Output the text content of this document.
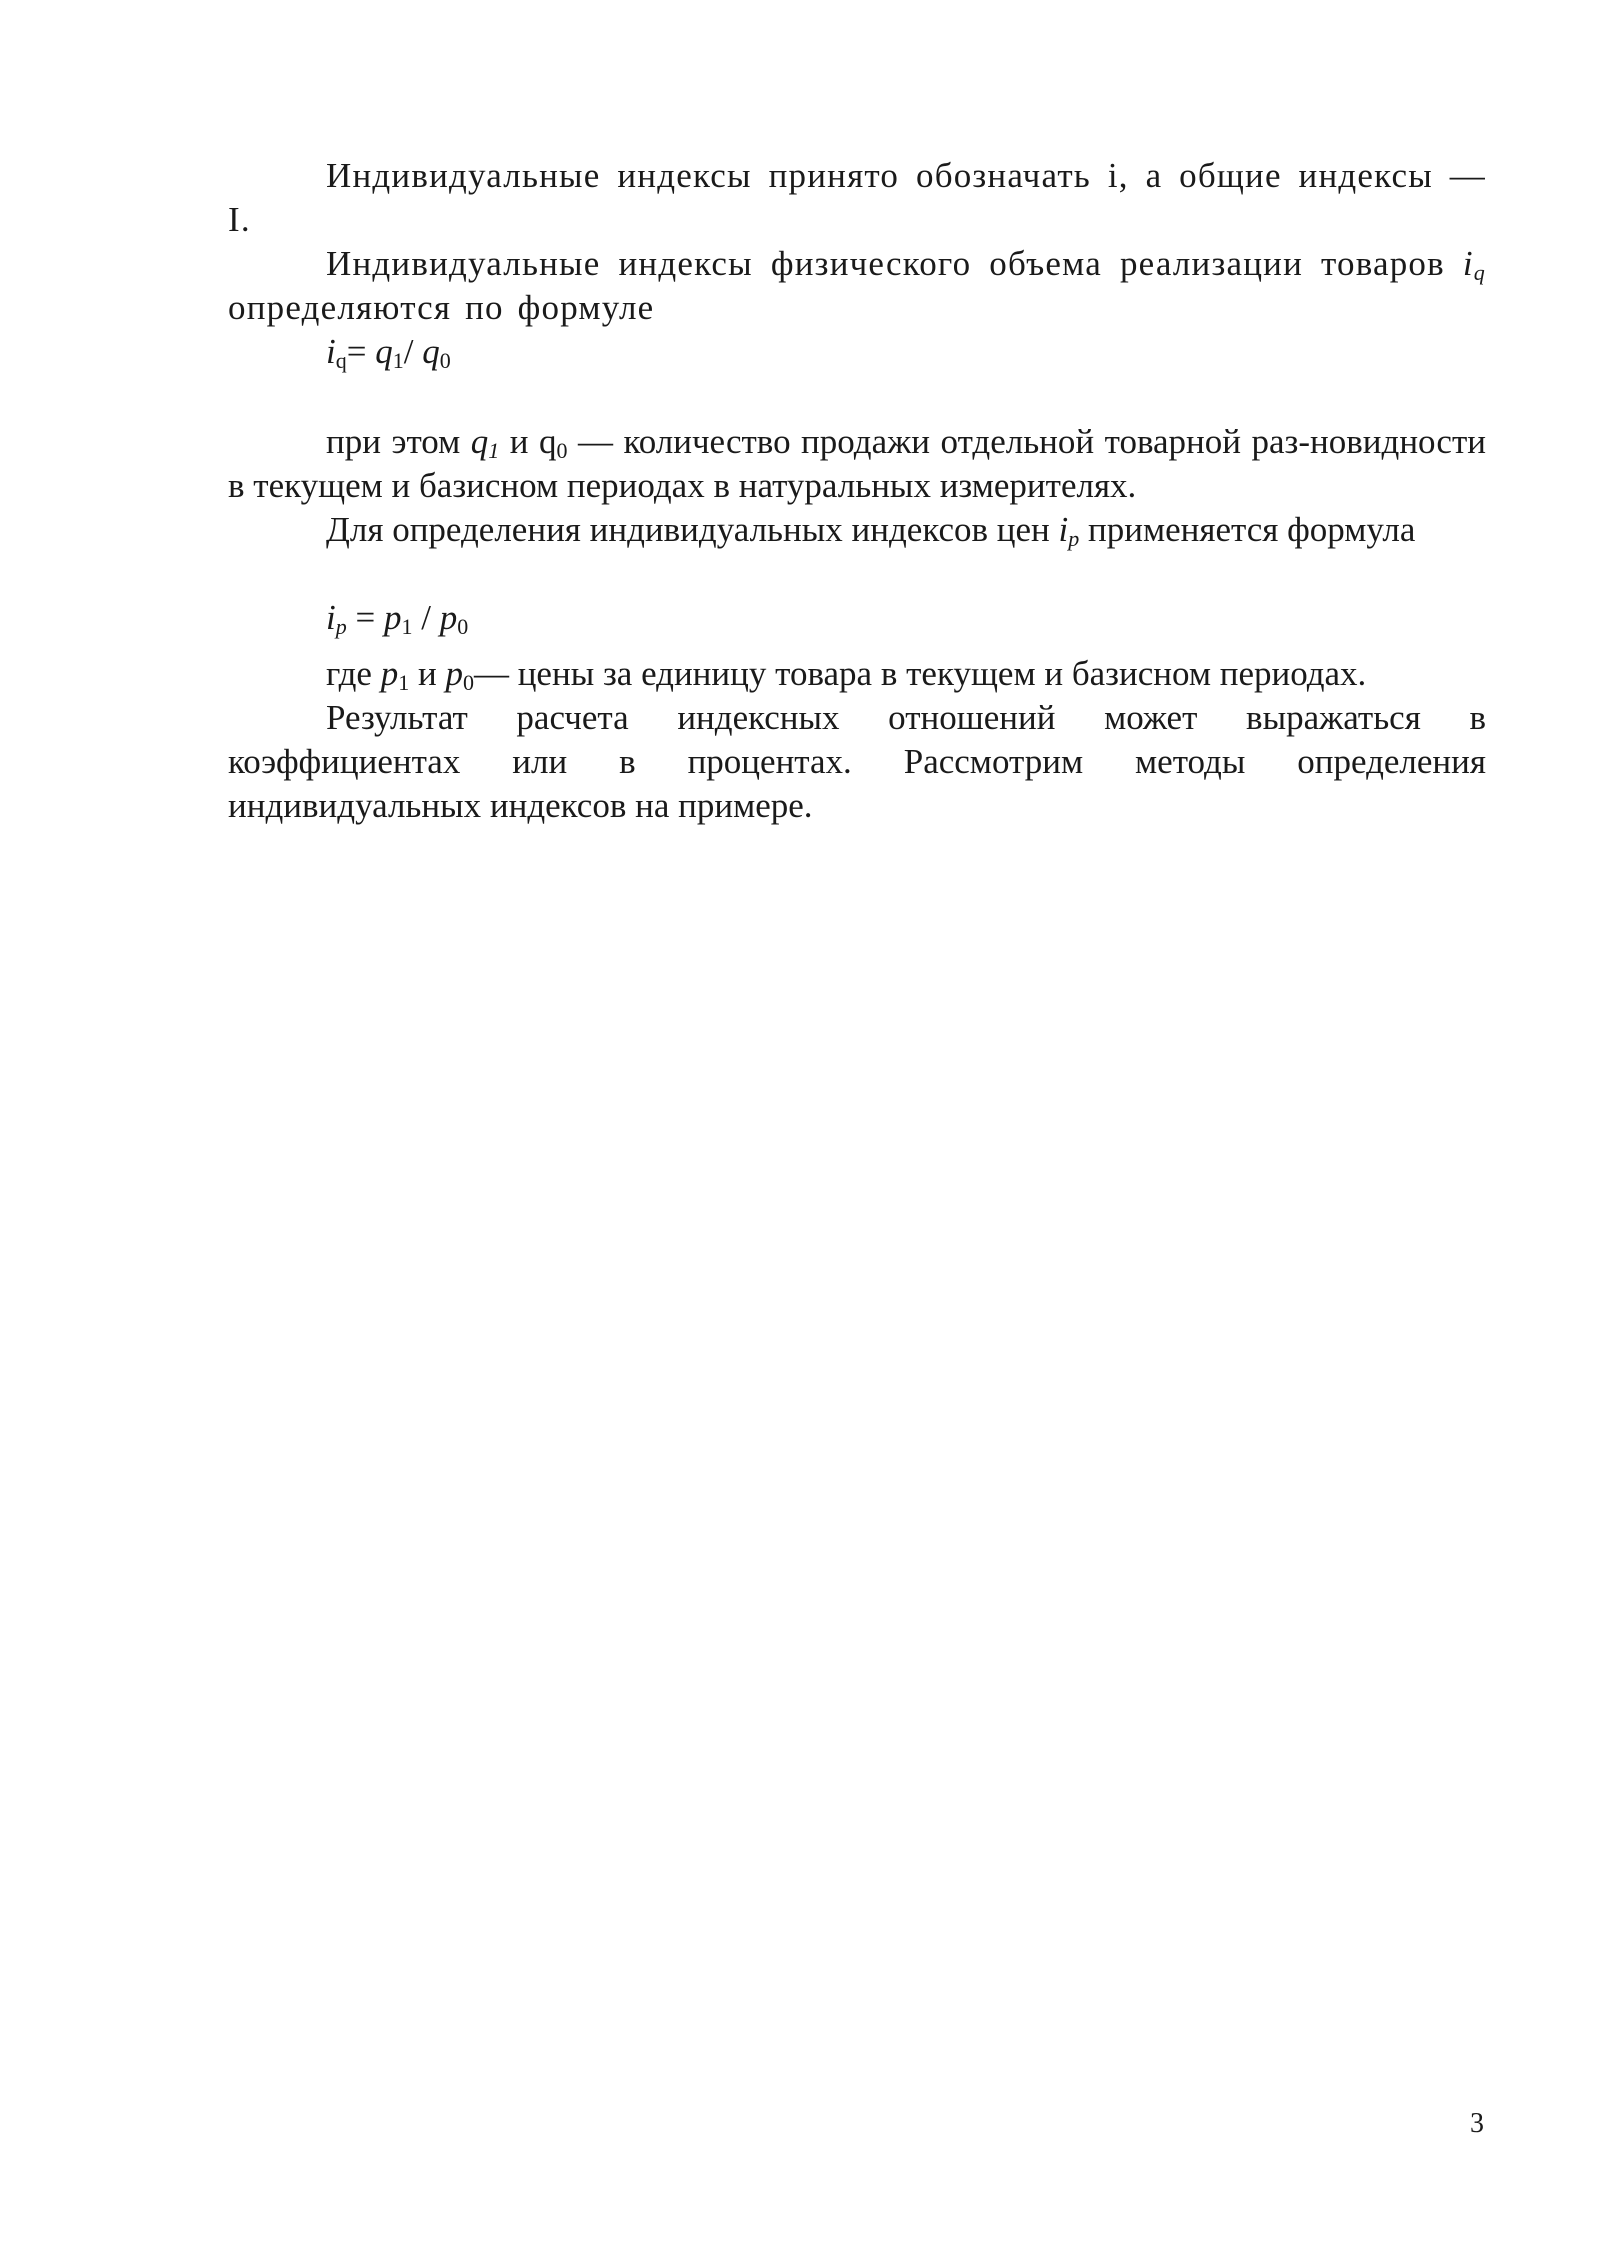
Индивидуальные индексы принято обозначать i, а общие индексы — I.

Индивидуальные индексы физического объема реализации товаров $i_q$ определяются по формуле

$i_q= q_1/$ $q_0$

при этом $q_1$ и $q_0$ — количество продажи отдельной товарной раз-новидности в текущем и базисном периодах в натуральных измерителях.

Для определения индивидуальных индексов цен $i_p$ применяется формула

$i_p = p_1 / p_0$

где $p_1$ и $p_0—$ цены за единицу товара в текущем и базисном периодах.

Результат расчета индексных отношений может выражаться в коэффициентах или в процентах. Рассмотрим методы определения индивидуальных индексов на примере.

3
